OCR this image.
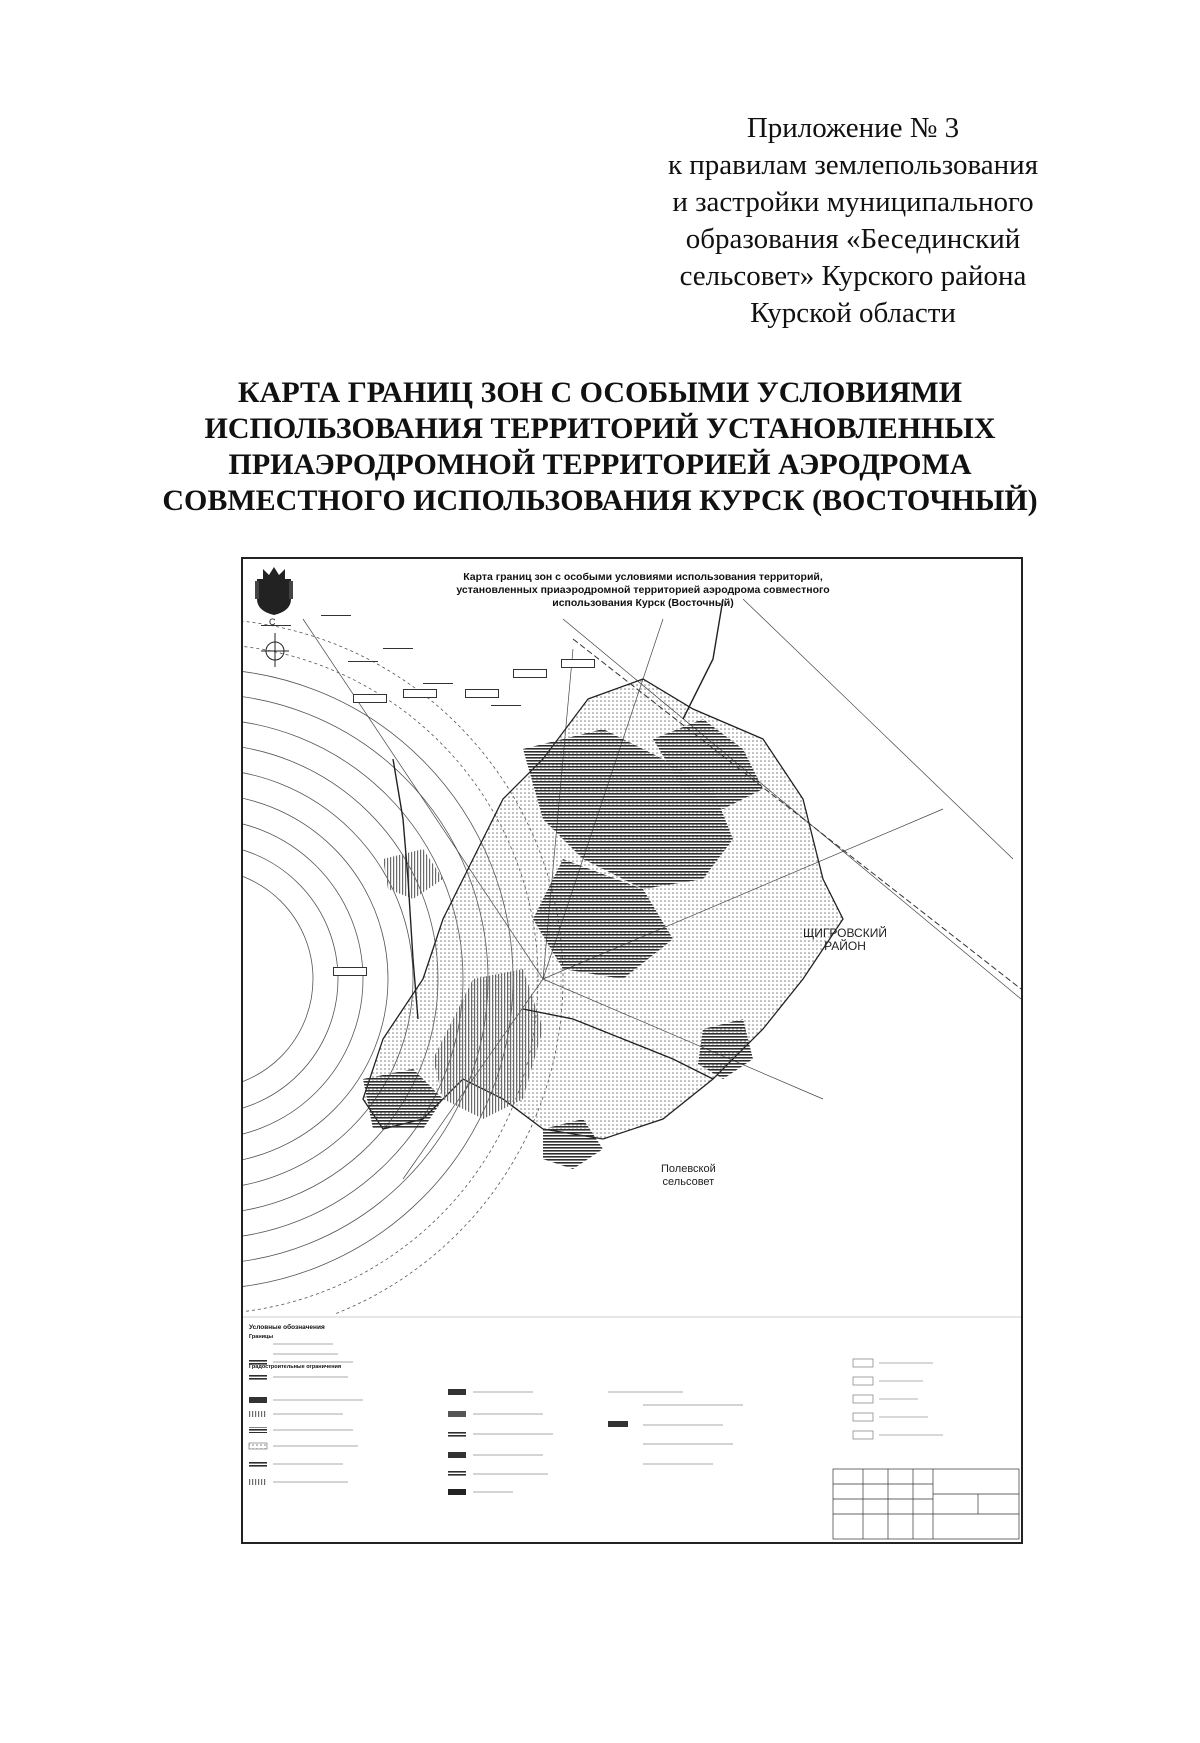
Приложение № 3
к правилам землепользования
и застройки муниципального
образования «Бесединский
сельсовет» Курского района
Курской области
КАРТА ГРАНИЦ ЗОН С ОСОБЫМИ УСЛОВИЯМИ
ИСПОЛЬЗОВАНИЯ ТЕРРИТОРИЙ УСТАНОВЛЕННЫХ
ПРИАЭРОДРОМНОЙ ТЕРРИТОРИЕЙ АЭРОДРОМА
СОВМЕСТНОГО ИСПОЛЬЗОВАНИЯ КУРСК (ВОСТОЧНЫЙ)
С
Карта границ зон с особыми условиями использования территорий,
установленных приаэродромной территорией аэродрома совместного
использования Курск (Восточный)
ЩИГРОВСКИЙ
РАЙОН
Полевской
сельсовет
Условные обозначения
Границы
Градостроительные ограничения
